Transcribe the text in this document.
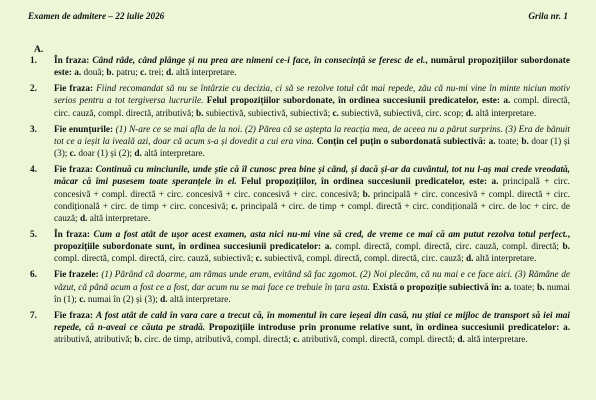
Examen de admitere – 22 iulie 2026	Grila nr. 1
A.
1. În fraza: Când râde, când plânge și nu prea are nimeni ce-i face, în consecință se feresc de el., numărul propozițiilor subordonate este: a. două; b. patru; c. trei; d. altă interpretare.
2. Fie fraza: Fiind recomandat să nu se întârzie cu decizia, ci să se rezolve totul cât mai repede, zău că nu-mi vine în minte niciun motiv serios pentru a tot tergiversa lucrurile. Felul propozițiilor subordonate, în ordinea succesiunii predicatelor, este: a. compl. directă, circ. cauză, compl. directă, atributivă; b. subiectivă, subiectivă, subiectivă; c. subiectivă, subiectivă, circ. scop; d. altă interpretare.
3. Fie enunțurile: (1) N-are ce se mai afla de la noi. (2) Părea că se aștepta la reacția mea, de aceea nu a părut surprins. (3) Era de bănuit tot ce a ieșit la iveală azi, doar că acum s-a și dovedit a cui era vina. Conțin cel puțin o subordonată subiectivă: a. toate; b. doar (1) și (3); c. doar (1) și (2); d. altă interpretare.
4. Fie fraza: Continuă cu minciunile, unde știe că îl cunosc prea bine și când, și dacă și-ar da cuvântul, tot nu l-aș mai crede vreodată, măcar că îmi pusesem toate speranțele în el. Felul propozițiilor, în ordinea succesiunii predicatelor, este: a. principală + circ. concesivă + compl. directă + circ. concesivă + circ. concesivă + circ. concesivă; b. principală + circ. concesivă + compl. directă + circ. condițională + circ. de timp + circ. concesivă; c. principală + circ. de timp + compl. directă + circ. condițională + circ. de loc + circ. de cauză; d. altă interpretare.
5. În fraza: Cum a fost atât de ușor acest examen, asta nici nu-mi vine să cred, de vreme ce mai că am putut rezolva totul perfect., propozițiile subordonate sunt, în ordinea succesiunii predicatelor: a. compl. directă, compl. directă, circ. cauză, compl. directă; b. compl. directă, compl. directă, circ. cauză, subiectivă; c. subiectivă, compl. directă, compl. directă, circ. cauză; d. altă interpretare.
6. Fie frazele: (1) Părând că doarme, am rămas unde eram, evitând să fac zgomot. (2) Noi plecăm, că nu mai e ce face aici. (3) Rămâne de văzut, că până acum a fost ce a fost, dar acum nu se mai face ce trebuie în țara asta. Există o propoziție subiectivă în: a. toate; b. numai în (1); c. numai în (2) și (3); d. altă interpretare.
7. Fie fraza: A fost atât de cald în vara care a trecut că, în momentul în care ieșeai din casă, nu știai ce mijloc de transport să iei mai repede, că n-aveai ce căuta pe stradă. Propozițiile introduse prin pronume relative sunt, în ordinea succesiunii predicatelor: a. atributivă, atributivă; b. circ. de timp, atributivă, compl. directă; c. atributivă, compl. directă, compl. directă; d. altă interpretare.
